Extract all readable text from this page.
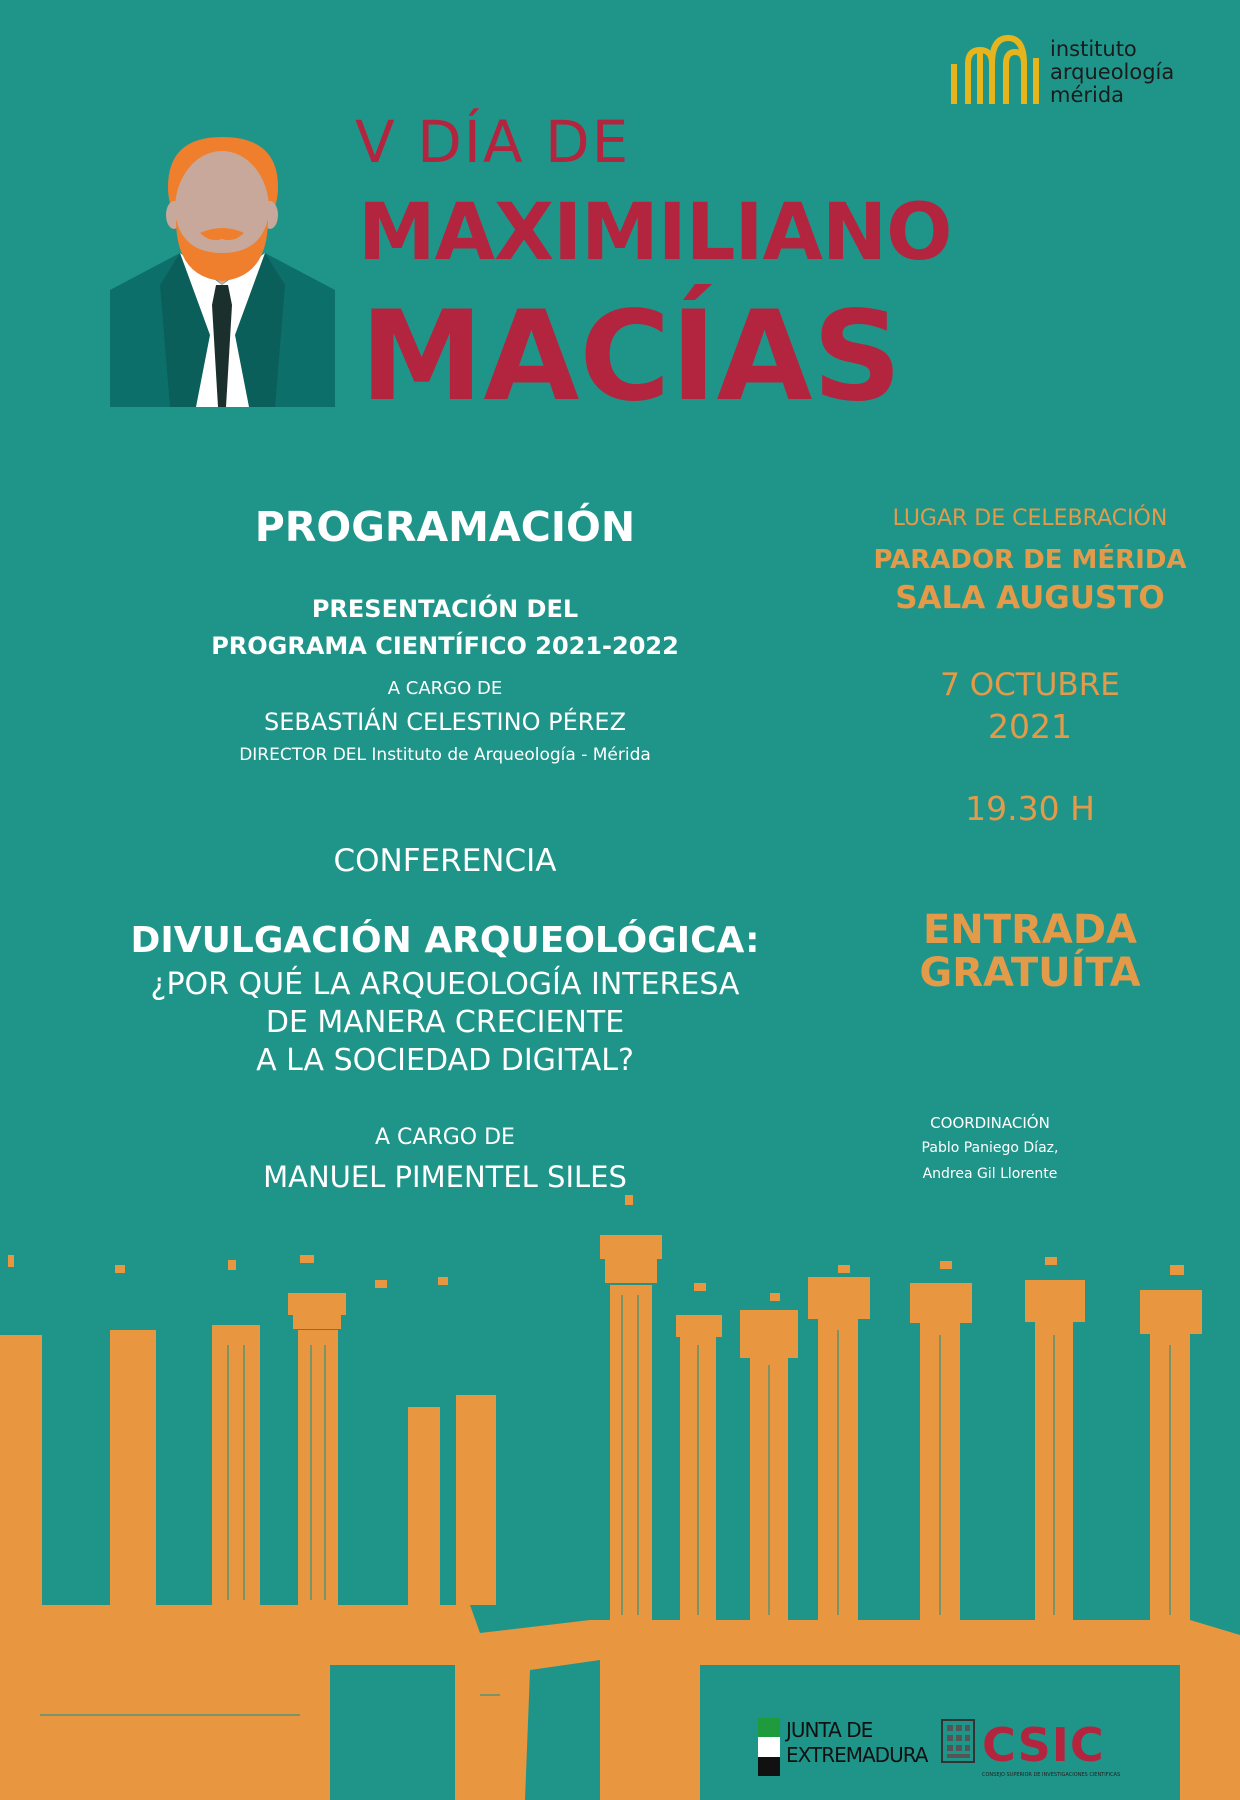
instituto
arqueología
mérida
V DÍA DE
MAXIMILIANO
MACÍAS
PROGRAMACIÓN
PRESENTACIÓN DEL
PROGRAMA CIENTÍFICO 2021-2022
A CARGO DE
SEBASTIÁN CELESTINO PÉREZ
DIRECTOR DEL Instituto de Arqueología - Mérida
CONFERENCIA
DIVULGACIÓN ARQUEOLÓGICA:
¿POR QUÉ LA ARQUEOLOGÍA INTERESA
DE MANERA CRECIENTE
A LA SOCIEDAD DIGITAL?
A CARGO DE
MANUEL PIMENTEL SILES
LUGAR DE CELEBRACIÓN
PARADOR DE MÉRIDA
SALA AUGUSTO
7 OCTUBRE
2021
19.30 H
ENTRADA
GRATUÍTA
COORDINACIÓN
Pablo Paniego Díaz,
Andrea Gil Llorente
JUNTA DE
EXTREMADURA CSIC
CONSEJO SUPERIOR DE INVESTIGACIONES CIENTÍFICAS
